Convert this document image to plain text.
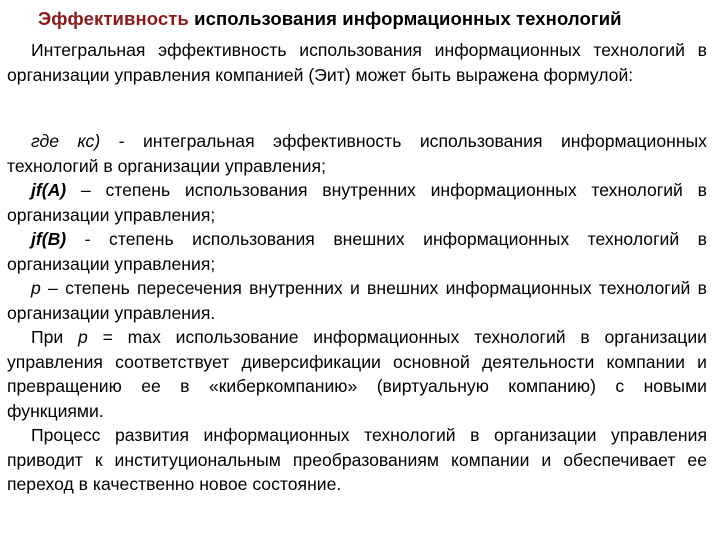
Эффективность использования информационных технологий

Интегральная эффективность использования информационных технологий в организации управления компанией (Эит) может быть выражена формулой:

где кс) - интегральная эффективность использования информационных технологий в организации управления;

jf(A) – степень использования внутренних информационных технологий в организации управления;

jf(B) - степень использования внешних информационных технологий в организации управления;

р – степень пересечения внутренних и внешних информационных технологий в организации управления.

При р = max использование информационных технологий в организации управления соответствует диверсификации основной деятельности компании и превращению ее в «киберкомпанию» (виртуальную компанию) с новыми функциями.

Процесс развития информационных технологий в организации управления приводит к институциональным преобразованиям компании и обеспечивает ее переход в качественно новое состояние.
